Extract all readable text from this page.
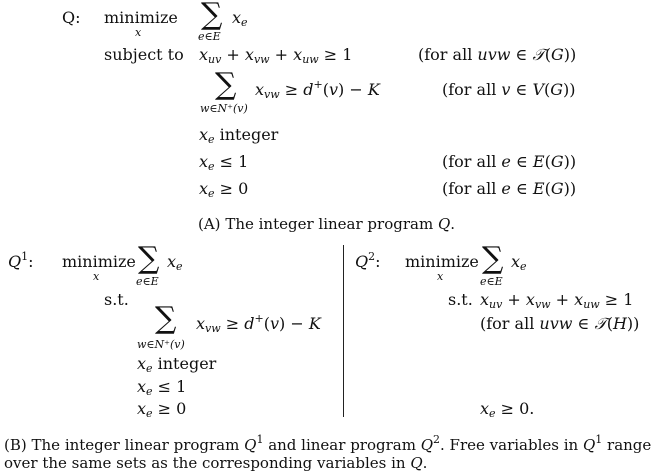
Q: minimize
x
∑
e∈E
$x_e$
subject to $x_{uv} + x_{vw} + x_{uw} \ge 1$	(for all uvw ∈ 𝒯(G))
∑
w∈N⁺(v)
$x_{vw} \ge d^+(v) - K$	(for all v ∈ V(G))
$x_e$ integer
$x_e \le 1$	(for all e ∈ E(G))
$x_e \ge 0$	(for all e ∈ E(G))
(A) The integer linear program Q.
$Q^1$: minimize
x
∑
e∈E
$x_e$
s.t.
∑
w∈N⁺(v)
$x_{vw} \ge d^+(v) - K$
$x_e$ integer
$x_e \le 1$
$x_e \ge 0$
$Q^2$: minimize
x
∑
e∈E
$x_e$
s.t. $x_{uv} + x_{vw} + x_{uw} \ge 1$
(for all uvw ∈ 𝒯(H))
$x_e \ge 0$.
(B) The integer linear program $Q^1$ and linear program $Q^2$. Free variables in $Q^1$ range
over the same sets as the corresponding variables in Q.
